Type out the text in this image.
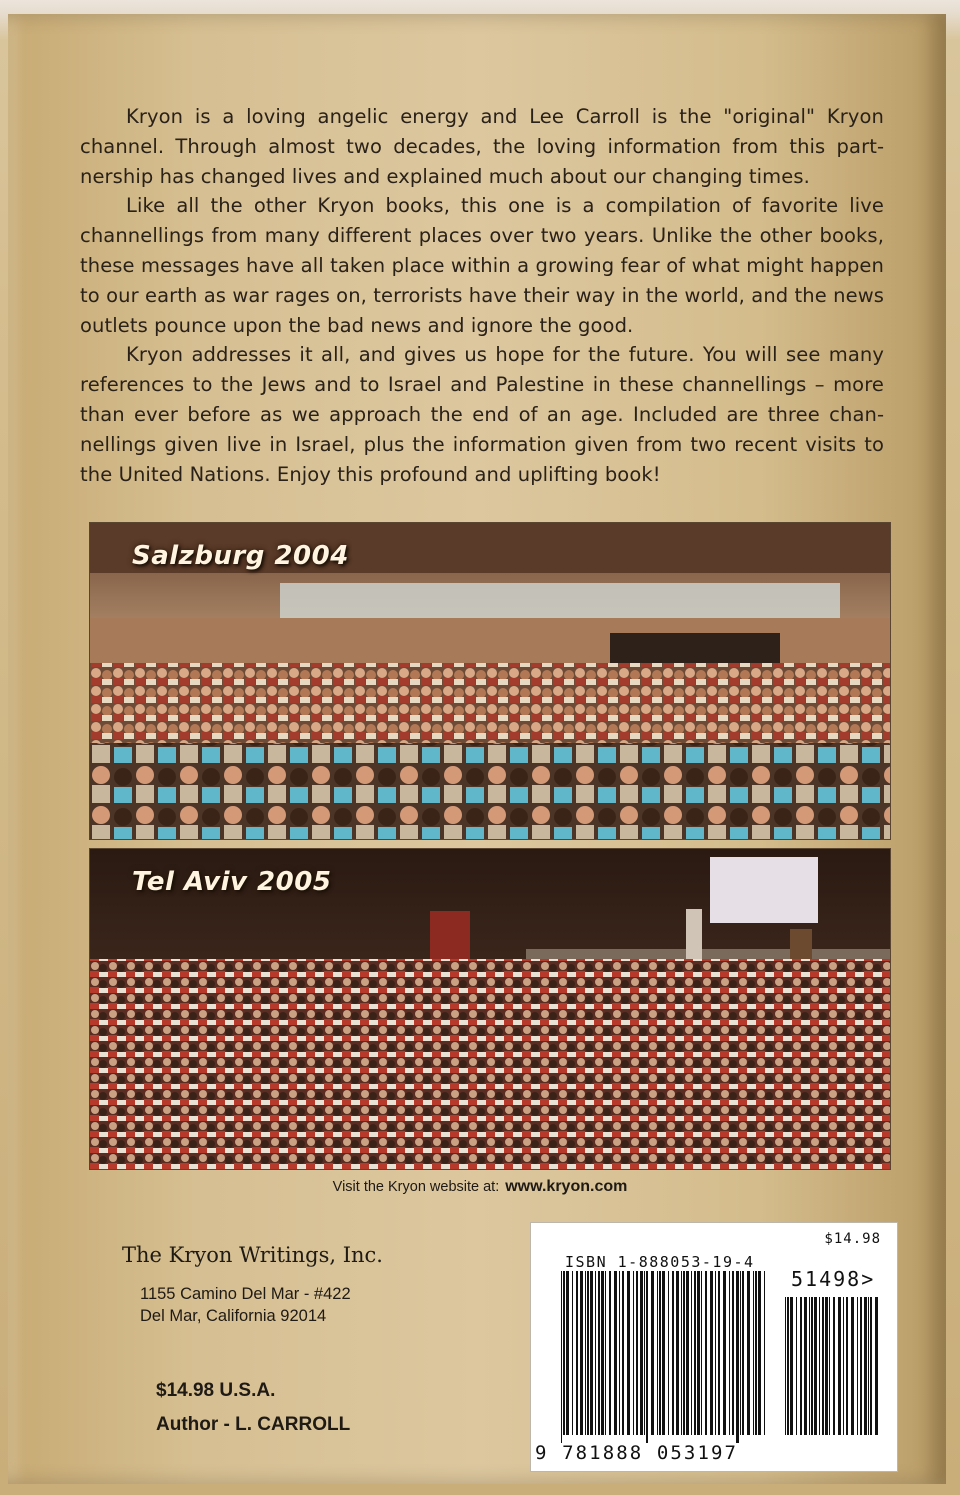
Kryon is a loving angelic energy and Lee Carroll is the "original" Kryon channel. Through almost two decades, the loving information from this partnership has changed lives and explained much about our changing times.

Like all the other Kryon books, this one is a compilation of favorite live channellings from many different places over two years. Unlike the other books, these messages have all taken place within a growing fear of what might happen to our earth as war rages on, terrorists have their way in the world, and the news outlets pounce upon the bad news and ignore the good.

Kryon addresses it all, and gives us hope for the future. You will see many references to the Jews and to Israel and Palestine in these channellings – more than ever before as we approach the end of an age. Included are three channellings given live in Israel, plus the information given from two recent visits to the United Nations. Enjoy this profound and uplifting book!

Salzburg 2004
Tel Aviv 2005
Visit the Kryon website at: www.kryon.com
The Kryon Writings, Inc.
1155 Camino Del Mar - #422
Del Mar, California 92014
$14.98 U.S.A.
Author - L. CARROLL
$14.98
ISBN 1-888053-19-4
51498>
9 781888 053197
